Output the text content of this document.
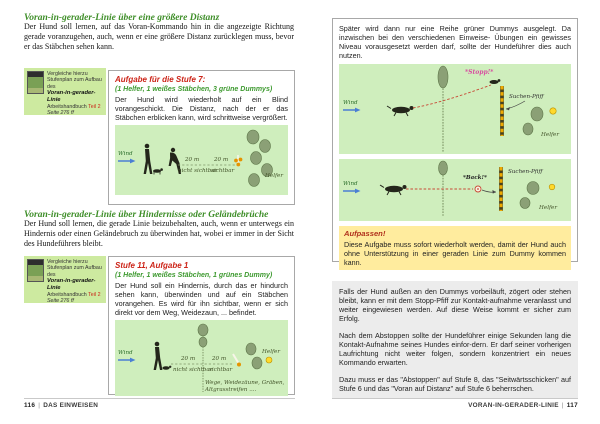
Voran-in-gerader-Linie über eine größere Distanz

Der Hund soll lernen, auf das Voran-Kommando hin in die angezeigte Richtung gerade voranzugehen, auch, wenn er eine größere Distanz zurücklegen muss, bevor er das Stäbchen sehen kann.

Vergleiche hierzu
Stufenplan zum Aufbau des
Voran-in-gerader-Linie
Arbeitshandbuch Teil 2
Seite 276 ff
Aufgabe für die Stufe 7:
(1 Helfer, 1 weißes Stäbchen, 3 grüne Dummys)
Der Hund wird wiederholt auf ein Blind vorangeschickt. Die Distanz, nach der er das Stäbchen erblicken kann, wird schrittweise vergrößert.
Wind
20 m
nicht sichtbar
20 m
sichtbar
Helfer
Voran-in-gerader-Linie über Hindernisse oder Geländebrüche

Der Hund soll lernen, die gerade Linie beizubehalten, auch, wenn er unterwegs ein Hindernis oder einen Geländebruch zu überwinden hat, wobei er immer in der Sicht des Hundeführers bleibt.

Vergleiche hierzu
Stufenplan zum Aufbau des
Voran-in-gerader-Linie
Arbeitshandbuch Teil 2
Seite 276 ff
Stufe 11, Aufgabe 1
(1 Helfer, 1 weißes Stäbchen, 1 grünes Dummy)
Der Hund soll ein Hindernis, durch das er hindurch sehen kann, überwinden und auf ein Stäbchen vorangehen. Es wird für ihn sichtbar, wenn er sich direkt vor dem Weg, Weidezaun, ... befindet.
Wind
20 m
nicht sichtbar
20 m
sichtbar
Helfer
Wege, Weidezäune, Gräben,
Altgrasstreifen ....
116 | DAS EINWEISEN
Später wird dann nur eine Reihe grüner Dummys ausgelegt. Da inzwischen bei den verschiedenen Einweise- Übungen ein gewisses Niveau vorausgesetzt werden darf, sollte der Hundeführer dies auch nutzen.
Wind
*Stopp!*
Suchen-Pfiff
Helfer
Wind
*Back!*
Suchen-Pfiff
Helfer
Aufpassen!
Diese Aufgabe muss sofort wiederholt werden, damit der Hund auch ohne Unterstützung in einer geraden Linie zum Dummy kommen kann.

Falls der Hund außen an den Dummys vorbeiläuft, zögert oder stehen bleibt, kann er mit dem Stopp-Pfiff zur Kontakt-aufnahme veranlasst und weiter eingewiesen werden. Auf diese Weise kommt er sicher zum Erfolg.

Nach dem Abstoppen sollte der Hundeführer einige Sekunden lang die Kontakt-Aufnahme seines Hundes einfor-dern. Er darf seiner vorherigen Laufrichtung nicht weiter folgen, sondern konzentriert ein neues Kommando erwarten.

Dazu muss er das "Abstoppen" auf Stufe 8, das "Seitwärtsschicken" auf Stufe 6 und das "Voran auf Distanz" auf Stufe 6 beherrschen.

VORAN-IN-GERADER-LINIE | 117
